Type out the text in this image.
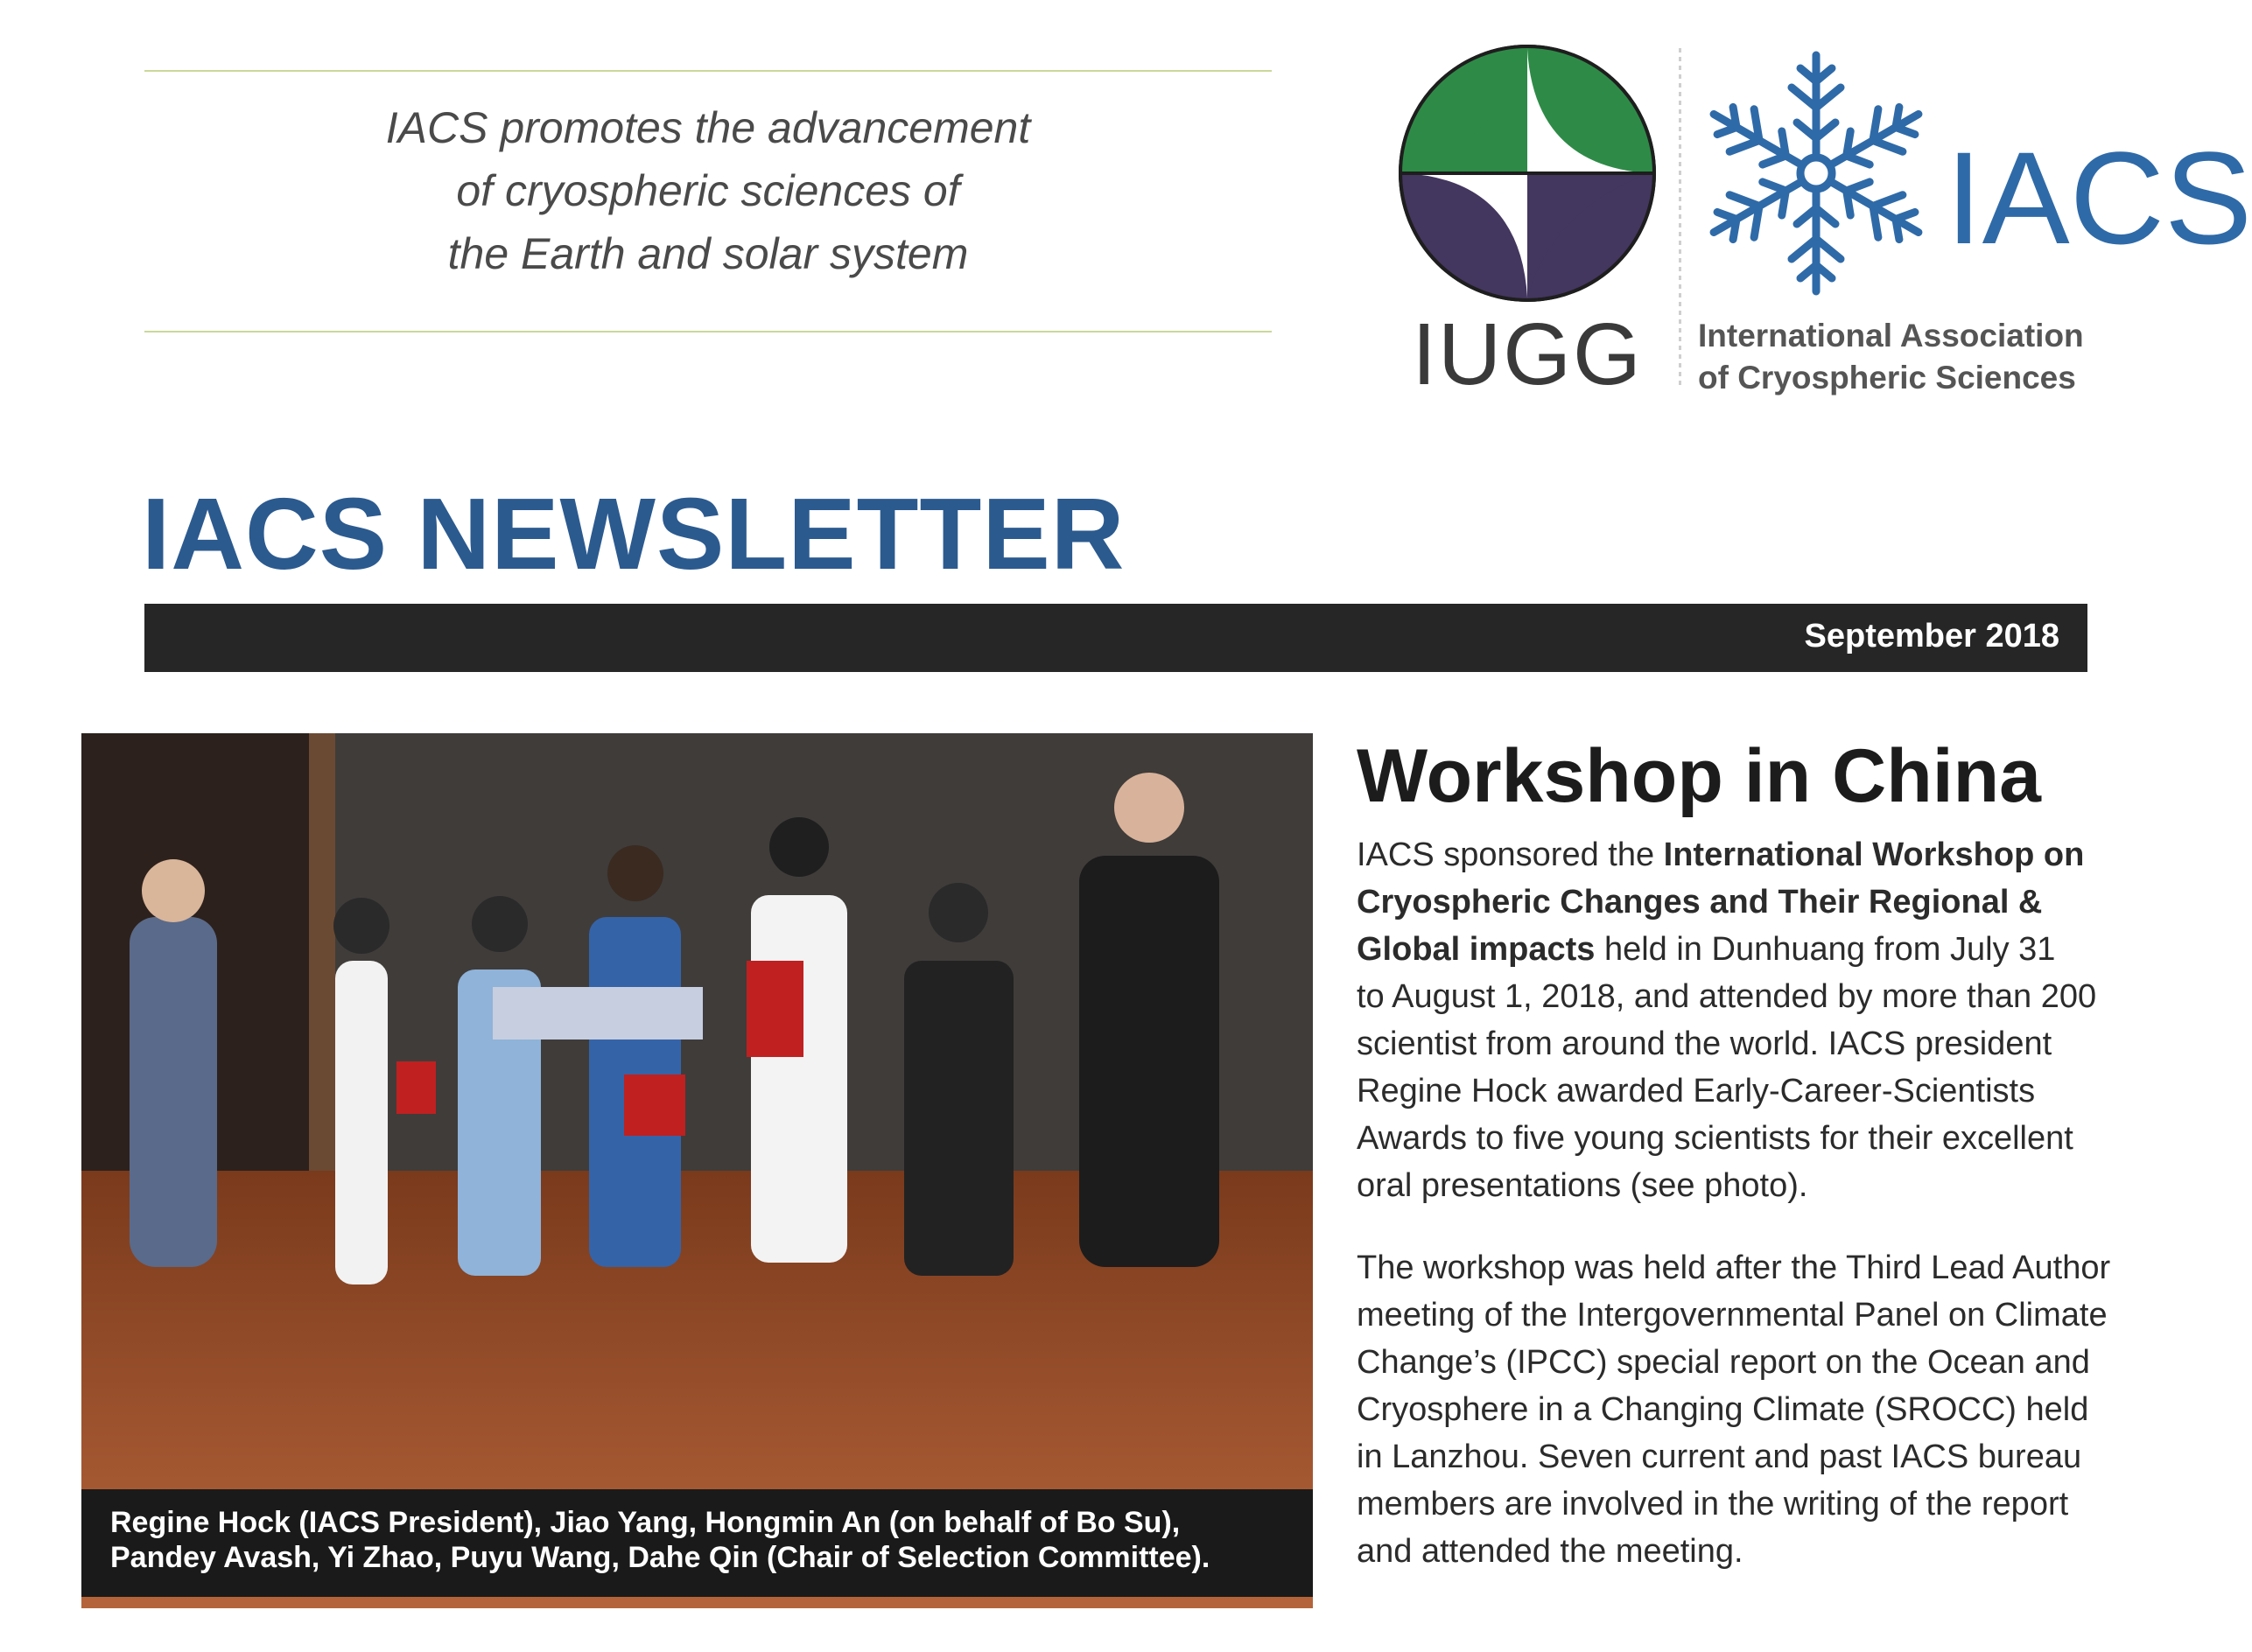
IACS promotes the advancement
of cryospheric sciences of
the Earth and solar system
IUGG
IACS
International Association
of Cryospheric Sciences
IACS NEWSLETTER
September 2018
Regine Hock (IACS President), Jiao Yang, Hongmin An (on behalf of Bo Su),
Pandey Avash, Yi Zhao, Puyu Wang, Dahe Qin (Chair of Selection Committee).
Workshop in China
IACS sponsored the International Workshop on
Cryospheric Changes and Their Regional &
Global impacts held in Dunhuang from July 31
to August 1, 2018, and attended by more than 200
scientist from around the world. IACS president
Regine Hock awarded Early-Career-Scientists
Awards to five young scientists for their excellent
oral presentations (see photo).
The workshop was held after the Third Lead Author
meeting of the Intergovernmental Panel on Climate
Change’s (IPCC) special report on the Ocean and
Cryosphere in a Changing Climate (SROCC) held
in Lanzhou. Seven current and past IACS bureau
members are involved in the writing of the report
and attended the meeting.
